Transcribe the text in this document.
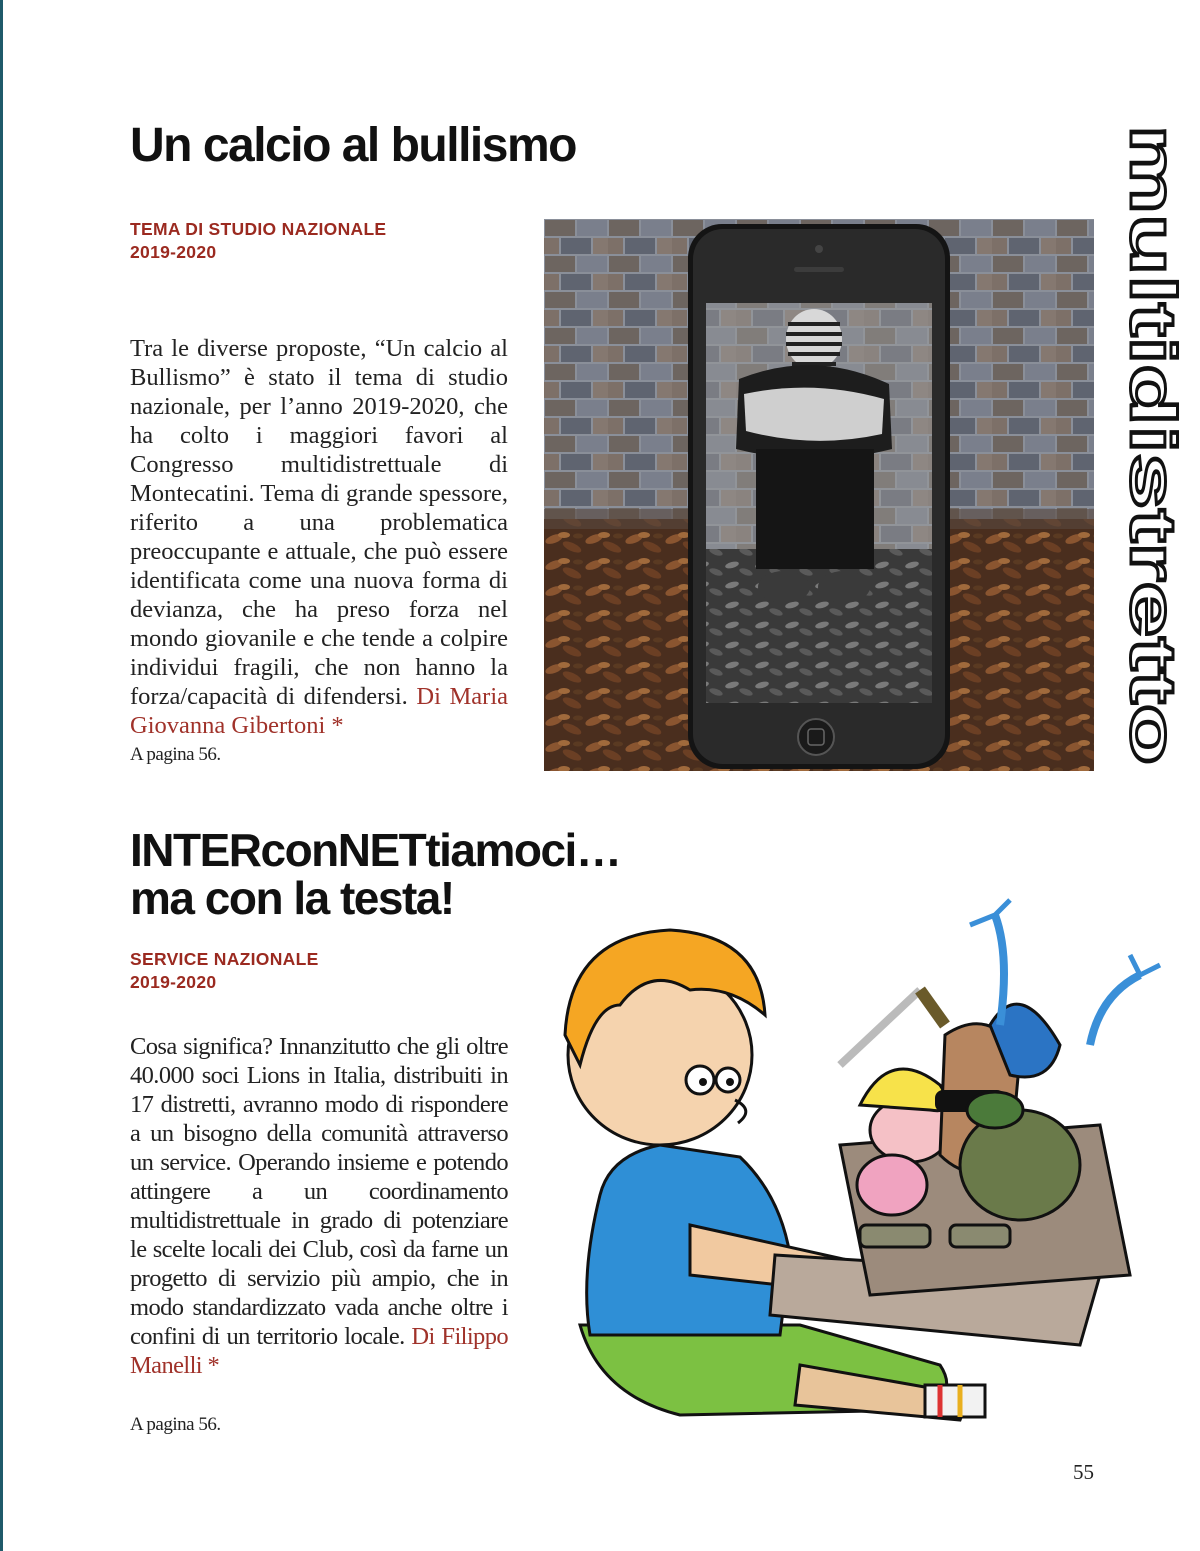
Un calcio al bullismo
TEMA DI STUDIO NAZIONALE
2019-2020

Tra le diverse proposte, “Un calcio al Bullismo” è stato il tema di studio nazionale, per l’anno 2019-2020, che ha colto i maggiori favori al Congresso multidistrettuale di Montecatini. Tema di grande spessore, riferito a una problematica preoccupante e attuale, che può essere identificata come una nuova forma di devianza, che ha preso forza nel mondo giovanile e che tende a colpire individui fragili, che non hanno la forza/capacità di difendersi. Di Maria Giovanna Gibertoni *

A pagina 56.
multidistretto
INTERconNETtiamoci…
ma con la testa!
SERVICE NAZIONALE
2019-2020

Cosa significa? Innanzitutto che gli oltre 40.000 soci Lions in Italia, distribuiti in 17 distretti, avranno modo di rispondere a un bisogno della comunità attraverso un service. Operando insieme e potendo attingere a un coordinamento multidistrettuale in grado di potenziare le scelte locali dei Club, così da farne un progetto di servizio più ampio, che in modo standardizzato vada anche oltre i confini di un territorio locale. Di Filippo Manelli *

A pagina 56.
55
